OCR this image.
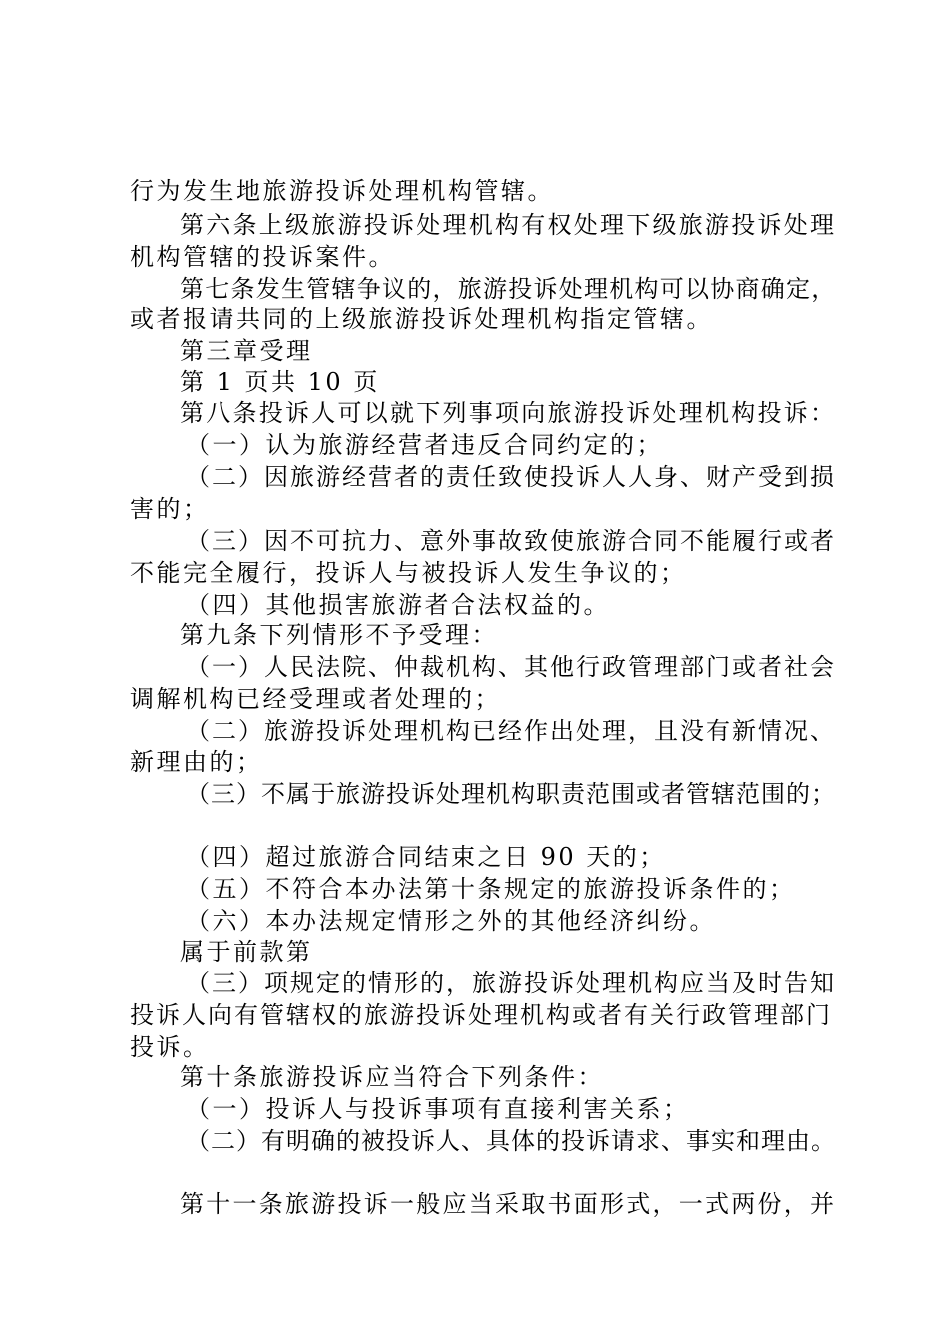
行为发生地旅游投诉处理机构管辖。
第六条上级旅游投诉处理机构有权处理下级旅游投诉处理
机构管辖的投诉案件。
第七条发生管辖争议的，旅游投诉处理机构可以协商确定，
或者报请共同的上级旅游投诉处理机构指定管辖。
第三章受理
第 1 页共 10 页
第八条投诉人可以就下列事项向旅游投诉处理机构投诉：
（一）认为旅游经营者违反合同约定的；
（二）因旅游经营者的责任致使投诉人人身、财产受到损
害的；
（三）因不可抗力、意外事故致使旅游合同不能履行或者
不能完全履行，投诉人与被投诉人发生争议的；
（四）其他损害旅游者合法权益的。
第九条下列情形不予受理：
（一）人民法院、仲裁机构、其他行政管理部门或者社会
调解机构已经受理或者处理的；
（二）旅游投诉处理机构已经作出处理，且没有新情况、
新理由的；
（三）不属于旅游投诉处理机构职责范围或者管辖范围的；
（四）超过旅游合同结束之日 90 天的；
（五）不符合本办法第十条规定的旅游投诉条件的；
（六）本办法规定情形之外的其他经济纠纷。
属于前款第
（三）项规定的情形的，旅游投诉处理机构应当及时告知
投诉人向有管辖权的旅游投诉处理机构或者有关行政管理部门
投诉。
第十条旅游投诉应当符合下列条件：
（一）投诉人与投诉事项有直接利害关系；
（二）有明确的被投诉人、具体的投诉请求、事实和理由。
第十一条旅游投诉一般应当采取书面形式，一式两份，并
